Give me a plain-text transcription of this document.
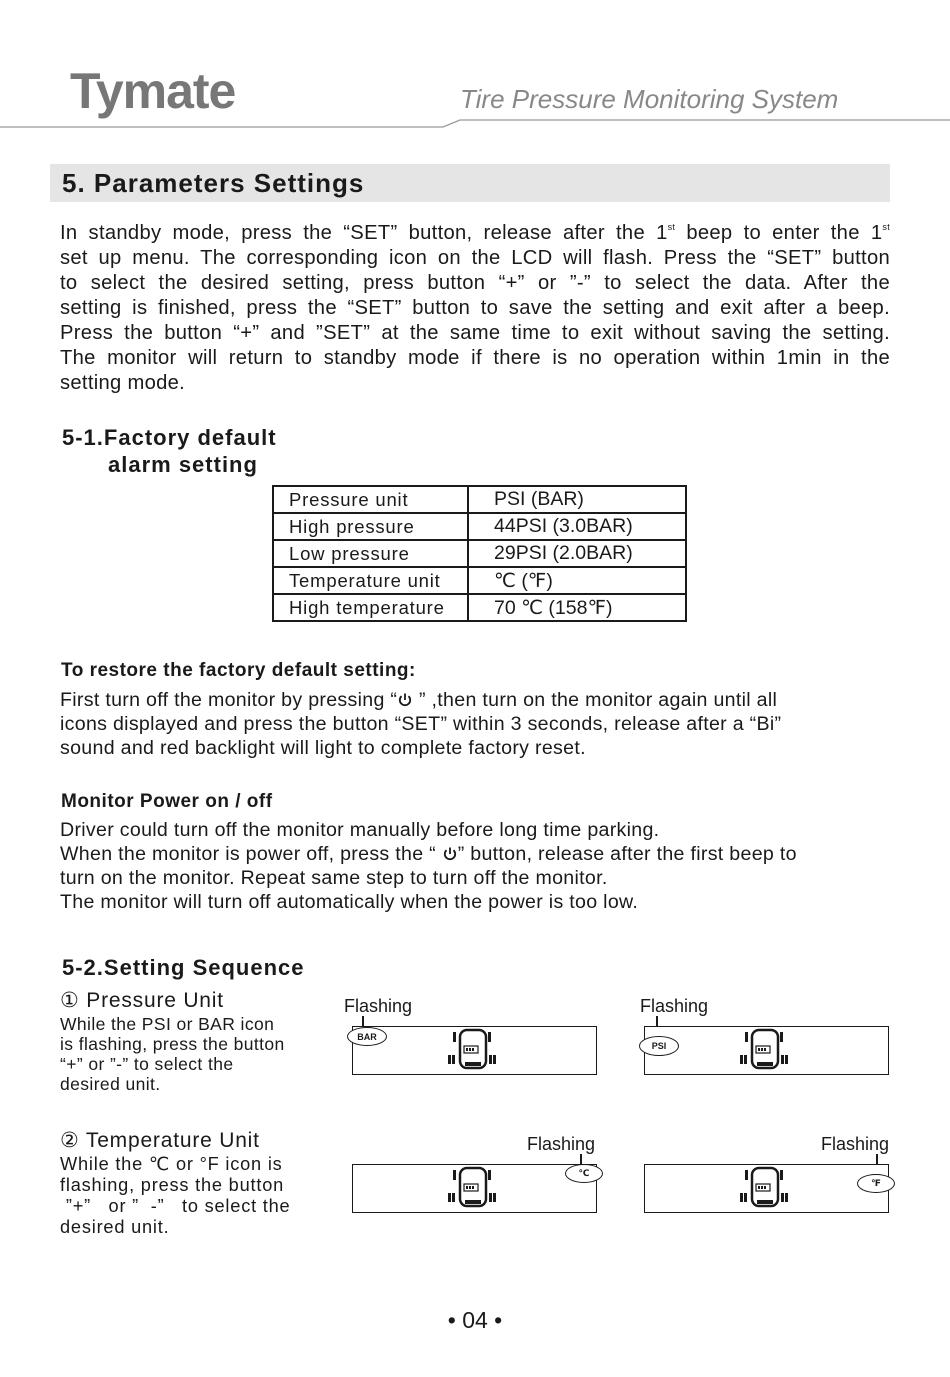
Tymate	Tire Pressure Monitoring System
5. Parameters Settings

In standby mode, press the “SET” button, release after the 1st beep to enter the 1st

set up menu. The corresponding icon on the LCD will flash. Press the “SET” button

to select the desired setting, press button “+” or ”-” to select the data. After the

setting is finished, press the “SET” button to save the setting and exit after a beep.

Press the button “+” and ”SET” at the same time to exit without saving the setting.

The monitor will return to standby mode if there is no operation within 1min in the

setting mode.

5-1.Factory default
alarm setting
Pressure unit	PSI (BAR)
High pressure	44PSI (3.0BAR)
Low pressure	29PSI (2.0BAR)
Temperature unit	℃ (℉)
High temperature	70 ℃ (158℉)
To restore the factory default setting:

First turn off the monitor by pressing “ ” ,then turn on the monitor again until all

icons displayed and press the button “SET” within 3 seconds, release after a “Bi”

sound and red backlight will light to complete factory reset.

Monitor Power on / off

Driver could turn off the monitor manually before long time parking.

When the monitor is power off, press the “ ” button, release after the first beep to

turn on the monitor. Repeat same step to turn off the monitor.

The monitor will turn off automatically when the power is too low.

5-2.Setting Sequence
① Pressure Unit
While the PSI or BAR icon
is flashing, press the button
“+” or ”-” to select the
desired unit.
Flashing
BAR
Flashing
PSI
② Temperature Unit
While the ℃ or °F icon is
flashing, press the button
”+”   or ”  -”   to select the
desired unit.
Flashing
℃
Flashing
℉
• 04 •
